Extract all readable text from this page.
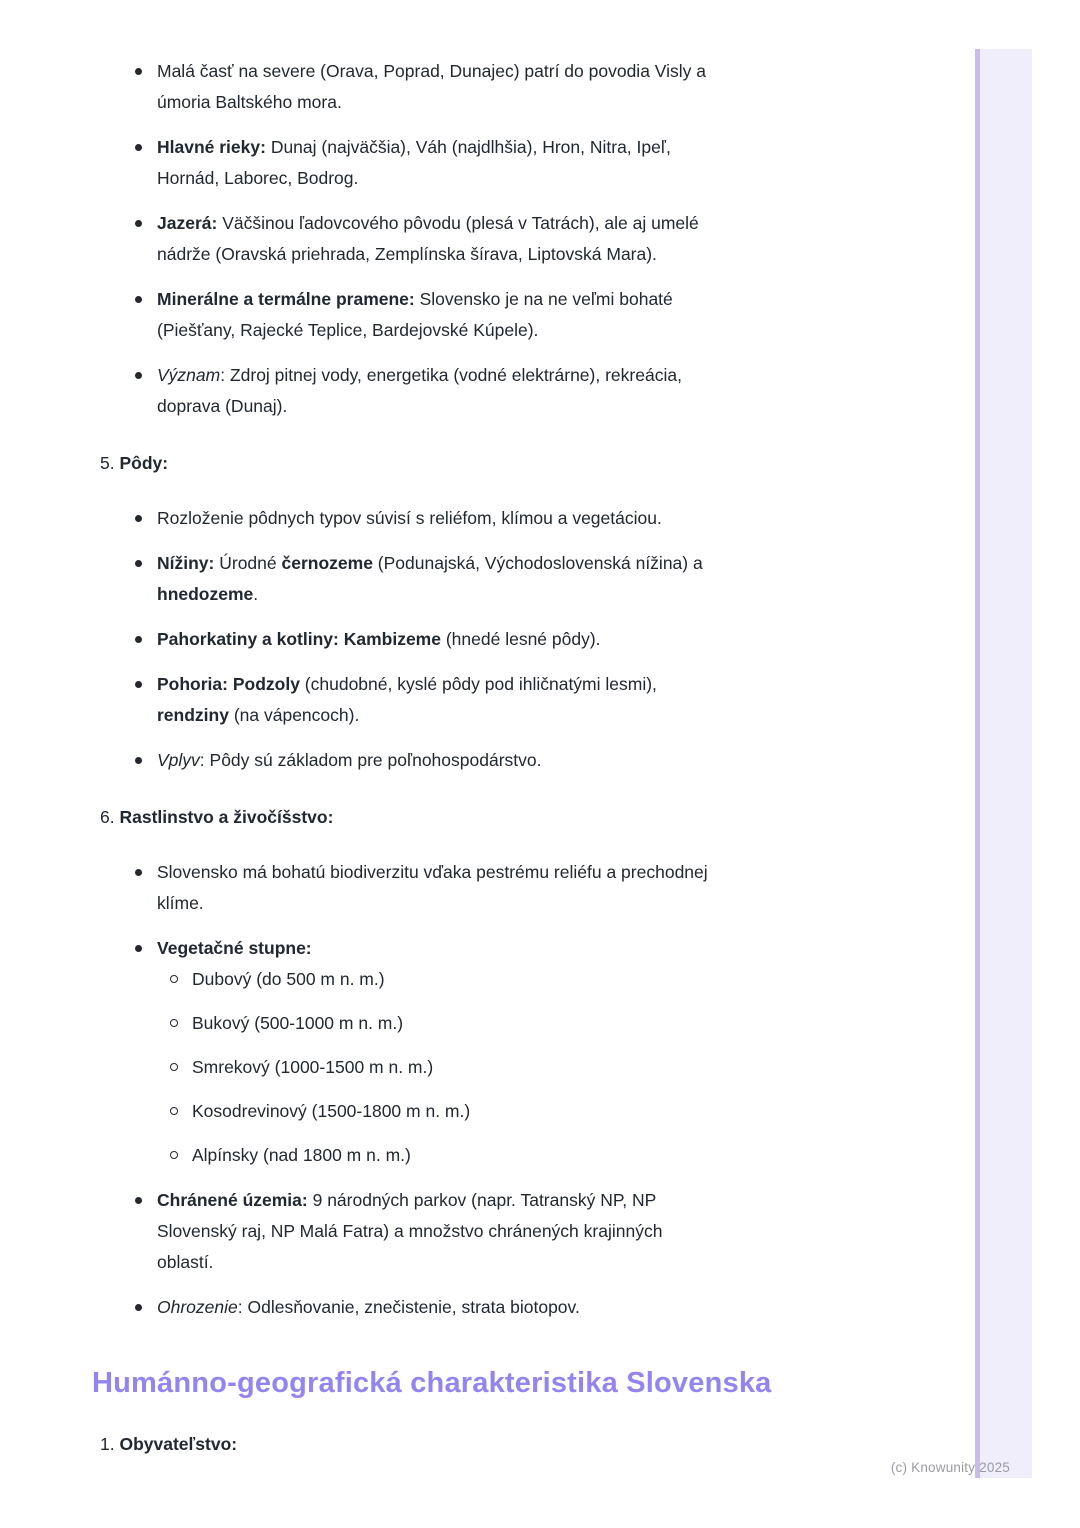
Malá časť na severe (Orava, Poprad, Dunajec) patrí do povodia Visly a
úmoria Baltského mora.
Hlavné rieky: Dunaj (najväčšia), Váh (najdlhšia), Hron, Nitra, Ipeľ,
Hornád, Laborec, Bodrog.
Jazerá: Väčšinou ľadovcového pôvodu (plesá v Tatrách), ale aj umelé
nádrže (Oravská priehrada, Zemplínska šírava, Liptovská Mara).
Minerálne a termálne pramene: Slovensko je na ne veľmi bohaté
(Piešťany, Rajecké Teplice, Bardejovské Kúpele).
Význam: Zdroj pitnej vody, energetika (vodné elektrárne), rekreácia,
doprava (Dunaj).
5. Pôdy:
Rozloženie pôdnych typov súvisí s reliéfom, klímou a vegetáciou.
Nížiny: Úrodné černozeme (Podunajská, Východoslovenská nížina) a
hnedozeme.
Pahorkatiny a kotliny: Kambizeme (hnedé lesné pôdy).
Pohoria: Podzoly (chudobné, kyslé pôdy pod ihličnatými lesmi),
rendziny (na vápencoch).
Vplyv: Pôdy sú základom pre poľnohospodárstvo.
6. Rastlinstvo a živočíšstvo:
Slovensko má bohatú biodiverzitu vďaka pestrému reliéfu a prechodnej
klíme.
Vegetačné stupne:
Dubový (do 500 m n. m.)
Bukový (500-1000 m n. m.)
Smrekový (1000-1500 m n. m.)
Kosodrevinový (1500-1800 m n. m.)
Alpínsky (nad 1800 m n. m.)
Chránené územia: 9 národných parkov (napr. Tatranský NP, NP
Slovenský raj, NP Malá Fatra) a množstvo chránených krajinných
oblastí.
Ohrozenie: Odlesňovanie, znečistenie, strata biotopov.
Humánno-geografická charakteristika Slovenska
1. Obyvateľstvo:
(c) Knowunity 2025
